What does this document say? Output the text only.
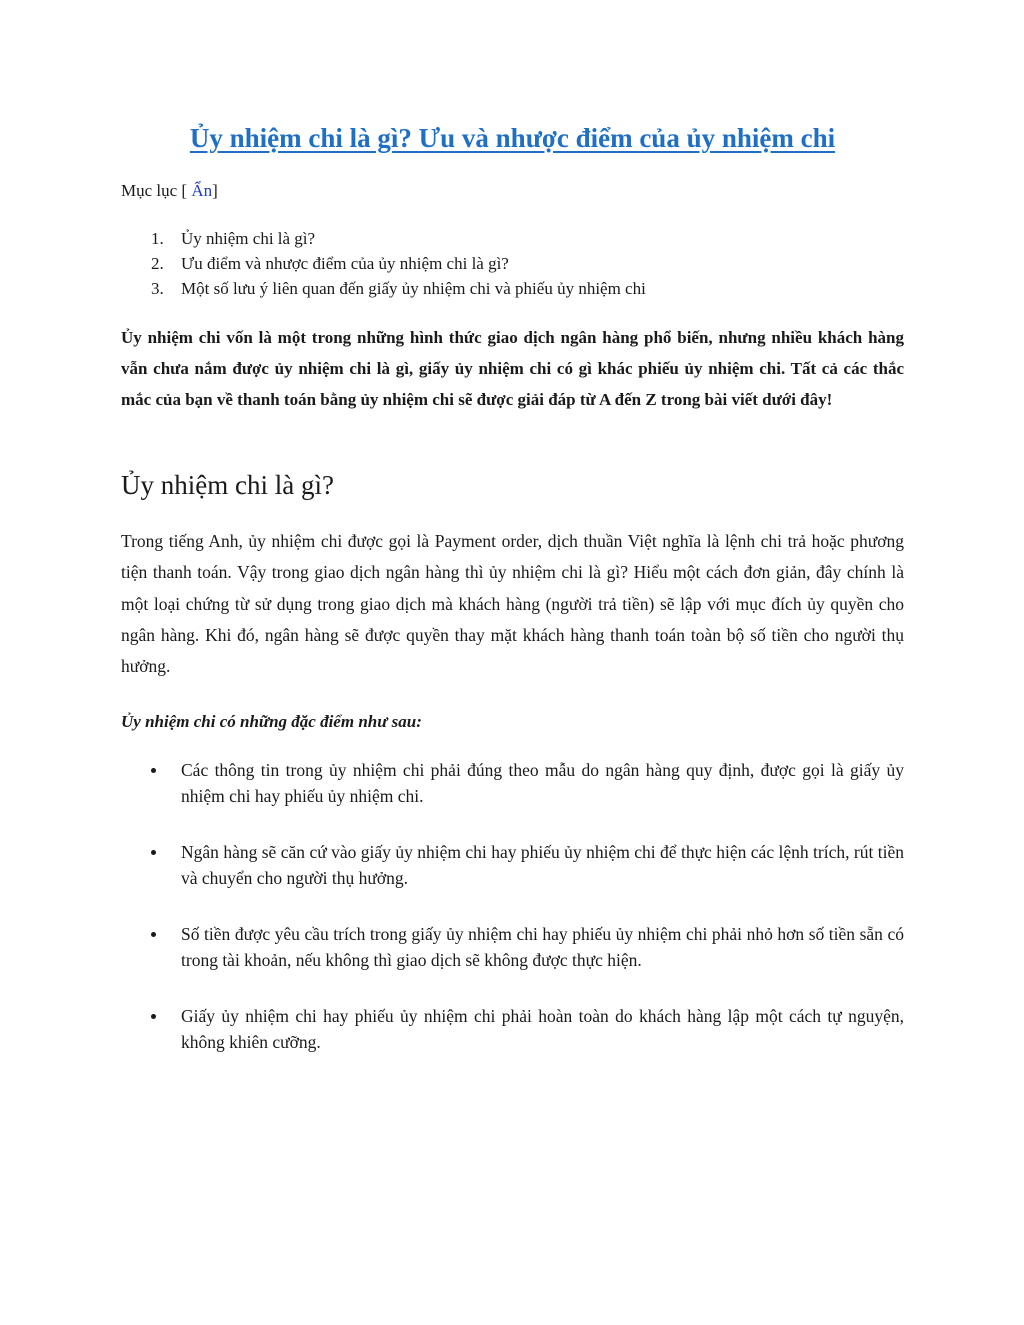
Ủy nhiệm chi là gì? Ưu và nhược điểm của ủy nhiệm chi
Mục lục [ Ẩn]
1. Ủy nhiệm chi là gì?
2. Ưu điểm và nhược điểm của ủy nhiệm chi là gì?
3. Một số lưu ý liên quan đến giấy ủy nhiệm chi và phiếu ủy nhiệm chi

Ủy nhiệm chi vốn là một trong những hình thức giao dịch ngân hàng phổ biến, nhưng nhiều khách hàng vẫn chưa nắm được ủy nhiệm chi là gì, giấy ủy nhiệm chi có gì khác phiếu ủy nhiệm chi. Tất cả các thắc mắc của bạn về thanh toán bằng ủy nhiệm chi sẽ được giải đáp từ A đến Z trong bài viết dưới đây!

Ủy nhiệm chi là gì?

Trong tiếng Anh, ủy nhiệm chi được gọi là Payment order, dịch thuần Việt nghĩa là lệnh chi trả hoặc phương tiện thanh toán. Vậy trong giao dịch ngân hàng thì ủy nhiệm chi là gì? Hiểu một cách đơn giản, đây chính là một loại chứng từ sử dụng trong giao dịch mà khách hàng (người trả tiền) sẽ lập với mục đích ủy quyền cho ngân hàng. Khi đó, ngân hàng sẽ được quyền thay mặt khách hàng thanh toán toàn bộ số tiền cho người thụ hưởng.

Ủy nhiệm chi có những đặc điểm như sau:

Các thông tin trong ủy nhiệm chi phải đúng theo mẫu do ngân hàng quy định, được gọi là giấy ủy nhiệm chi hay phiếu ủy nhiệm chi.
Ngân hàng sẽ căn cứ vào giấy ủy nhiệm chi hay phiếu ủy nhiệm chi để thực hiện các lệnh trích, rút tiền và chuyển cho người thụ hưởng.
Số tiền được yêu cầu trích trong giấy ủy nhiệm chi hay phiếu ủy nhiệm chi phải nhỏ hơn số tiền sẵn có trong tài khoản, nếu không thì giao dịch sẽ không được thực hiện.
Giấy ủy nhiệm chi hay phiếu ủy nhiệm chi phải hoàn toàn do khách hàng lập một cách tự nguyện, không khiên cưỡng.
